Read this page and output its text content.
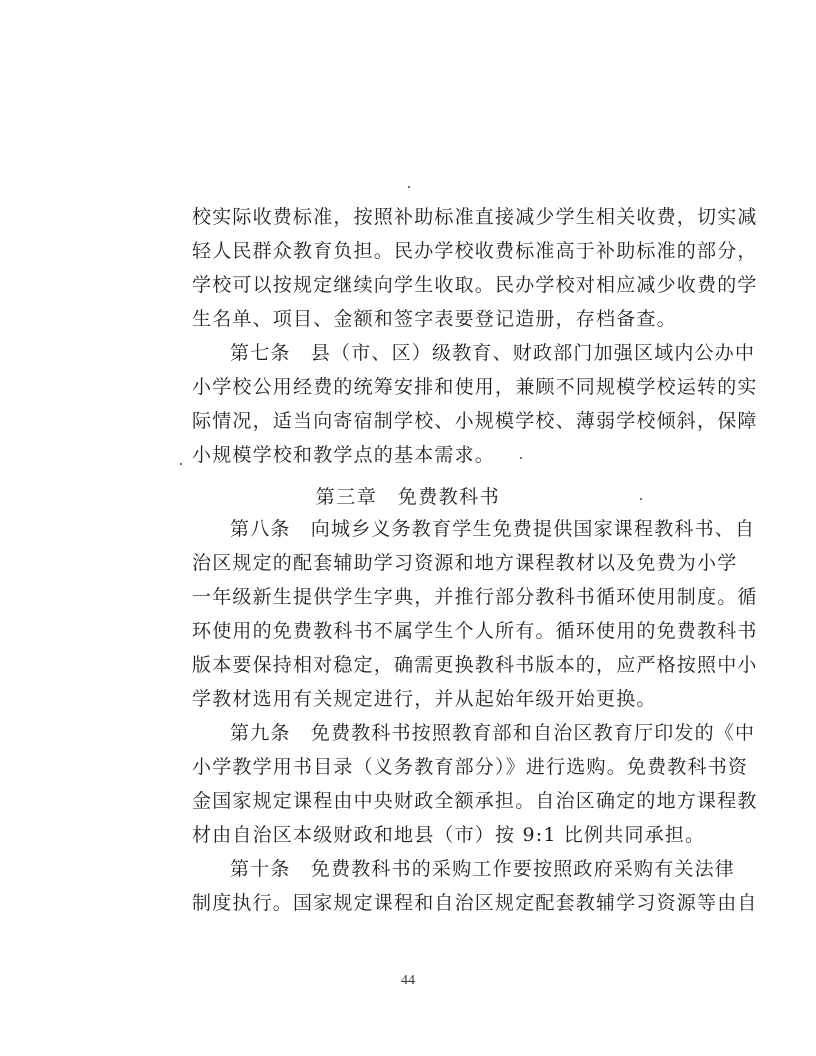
校实际收费标准，按照补助标准直接减少学生相关收费，切实减
轻人民群众教育负担。民办学校收费标准高于补助标准的部分，
学校可以按规定继续向学生收取。民办学校对相应减少收费的学
生名单、项目、金额和签字表要登记造册，存档备查。
第七条　县（市、区）级教育、财政部门加强区域内公办中
小学校公用经费的统筹安排和使用，兼顾不同规模学校运转的实
际情况，适当向寄宿制学校、小规模学校、薄弱学校倾斜，保障
小规模学校和教学点的基本需求。
第三章　免费教科书
第八条　向城乡义务教育学生免费提供国家课程教科书、自
治区规定的配套辅助学习资源和地方课程教材以及免费为小学
一年级新生提供学生字典，并推行部分教科书循环使用制度。循
环使用的免费教科书不属学生个人所有。循环使用的免费教科书
版本要保持相对稳定，确需更换教科书版本的，应严格按照中小
学教材选用有关规定进行，并从起始年级开始更换。
第九条　免费教科书按照教育部和自治区教育厅印发的《中
小学教学用书目录（义务教育部分）》进行选购。免费教科书资
金国家规定课程由中央财政全额承担。自治区确定的地方课程教
材由自治区本级财政和地县（市）按 9:1 比例共同承担。
第十条　免费教科书的采购工作要按照政府采购有关法律
制度执行。国家规定课程和自治区规定配套教辅学习资源等由自
44
